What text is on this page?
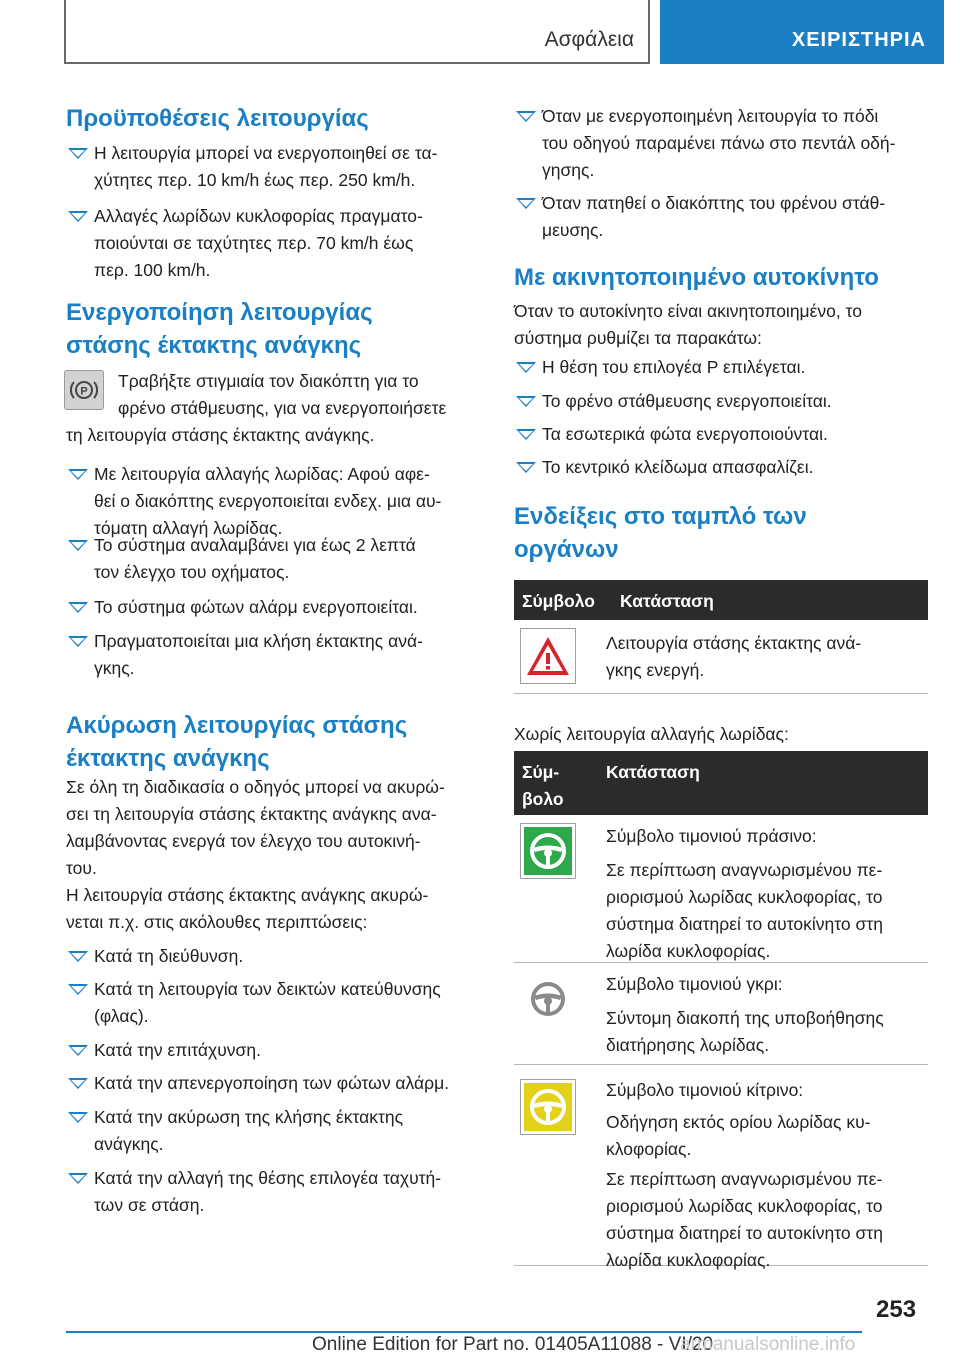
Ασφάλεια	ΧΕΙΡΙΣΤΗΡΙΑ
Προϋποθέσεις λειτουργίας
Η λειτουργία μπορεί να ενεργοποιηθεί σε τα-
χύτητες περ. 10 km/h έως περ. 250 km/h.
Αλλαγές λωρίδων κυκλοφορίας πραγματο-
ποιούνται σε ταχύτητες περ. 70 km/h έως
περ. 100 km/h.
Ενεργοποίηση λειτουργίας
στάσης έκτακτης ανάγκης
P
Τραβήξτε στιγμιαία τον διακόπτη για το
φρένο στάθμευσης, για να ενεργοποιήσετε
τη λειτουργία στάσης έκτακτης ανάγκης.
Με λειτουργία αλλαγής λωρίδας: Αφού αφε-
θεί ο διακόπτης ενεργοποιείται ενδεχ. μια αυ-
τόματη αλλαγή λωρίδας.
Το σύστημα αναλαμβάνει για έως 2 λεπτά
τον έλεγχο του οχήματος.
Το σύστημα φώτων αλάρμ ενεργοποιείται.
Πραγματοποιείται μια κλήση έκτακτης ανά-
γκης.
Ακύρωση λειτουργίας στάσης
έκτακτης ανάγκης
Σε όλη τη διαδικασία ο οδηγός μπορεί να ακυρώ-
σει τη λειτουργία στάσης έκτακτης ανάγκης ανα-
λαμβάνοντας ενεργά τον έλεγχο του αυτοκινή-
του.
Η λειτουργία στάσης έκτακτης ανάγκης ακυρώ-
νεται π.χ. στις ακόλουθες περιπτώσεις:
Κατά τη διεύθυνση.
Κατά τη λειτουργία των δεικτών κατεύθυνσης
(φλας).
Κατά την επιτάχυνση.
Κατά την απενεργοποίηση των φώτων αλάρμ.
Κατά την ακύρωση της κλήσης έκτακτης
ανάγκης.
Κατά την αλλαγή της θέσης επιλογέα ταχυτή-
των σε στάση.
Όταν με ενεργοποιημένη λειτουργία το πόδι
του οδηγού παραμένει πάνω στο πεντάλ οδή-
γησης.
Όταν πατηθεί ο διακόπτης του φρένου στάθ-
μευσης.
Με ακινητοποιημένο αυτοκίνητο
Όταν το αυτοκίνητο είναι ακινητοποιημένο, το
σύστημα ρυθμίζει τα παρακάτω:
Η θέση του επιλογέα P επιλέγεται.
Το φρένο στάθμευσης ενεργοποιείται.
Τα εσωτερικά φώτα ενεργοποιούνται.
Το κεντρικό κλείδωμα απασφαλίζει.
Ενδείξεις στο ταμπλό των
οργάνων
Σύμβολο Κατάσταση
Λειτουργία στάσης έκτακτης ανά-
γκης ενεργή.
Χωρίς λειτουργία αλλαγής λωρίδας:
Σύμ-
βολο
Κατάσταση
Σύμβολο τιμονιού πράσινο:
Σε περίπτωση αναγνωρισμένου πε-
ριορισμού λωρίδας κυκλοφορίας, το
σύστημα διατηρεί το αυτοκίνητο στη
λωρίδα κυκλοφορίας.
Σύμβολο τιμονιού γκρι:
Σύντομη διακοπή της υποβοήθησης
διατήρησης λωρίδας.
Σύμβολο τιμονιού κίτρινο:
Οδήγηση εκτός ορίου λωρίδας κυ-
κλοφορίας.
Σε περίπτωση αναγνωρισμένου πε-
ριορισμού λωρίδας κυκλοφορίας, το
σύστημα διατηρεί το αυτοκίνητο στη
λωρίδα κυκλοφορίας.
253
Online Edition for Part no. 01405A11088 - VI/20
armanualsonline.info
